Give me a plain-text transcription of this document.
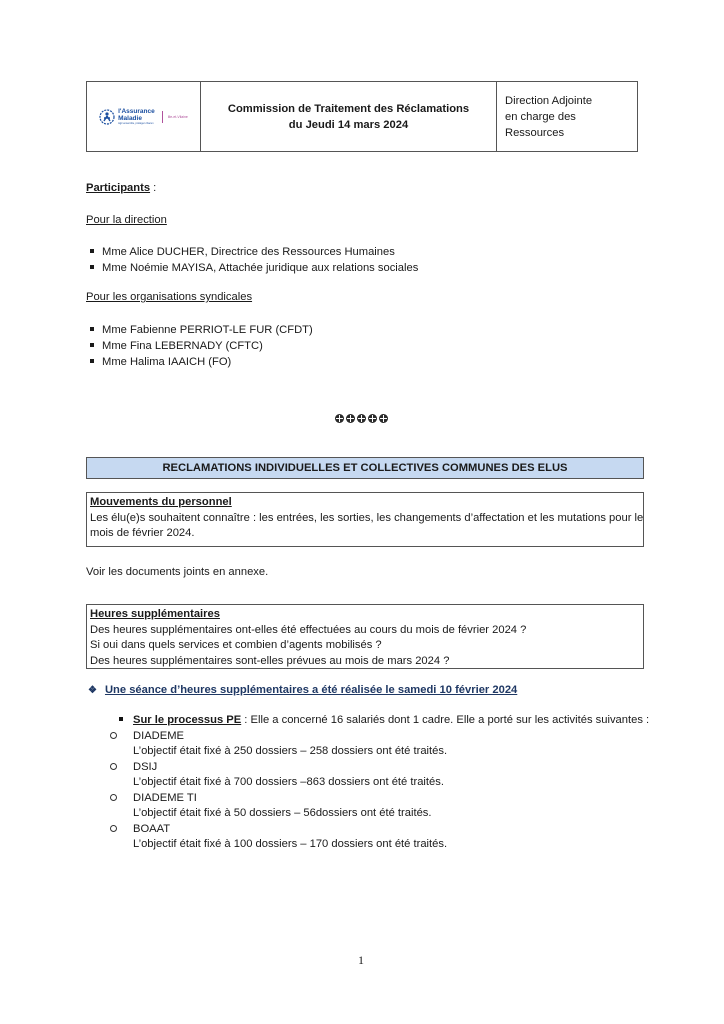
l'Assurance
Maladie
Agir ensemble, protéger chacun
Ille-et-Vilaine
Commission de Traitement des Réclamations
du Jeudi 14 mars 2024
Direction Adjointe
en charge des Ressources
Participants :
Pour la direction
Mme Alice DUCHER, Directrice des Ressources Humaines
Mme Noémie MAYISA, Attachée juridique aux relations sociales
Pour les organisations syndicales
Mme Fabienne PERRIOT-LE FUR (CFDT)
Mme Fina LEBERNADY (CFTC)
Mme Halima IAAICH (FO)
RECLAMATIONS INDIVIDUELLES ET COLLECTIVES COMMUNES DES ELUS
Mouvements du personnel
Les élu(e)s souhaitent connaître : les entrées, les sorties, les changements d’affectation et les mutations pour le
mois de février 2024.
Voir les documents joints en annexe.
Heures supplémentaires
Des heures supplémentaires ont-elles été effectuées au cours du mois de février 2024 ?
Si oui dans quels services et combien d’agents mobilisés ?
Des heures supplémentaires sont-elles prévues au mois de mars 2024 ?
❖ Une séance d’heures supplémentaires a été réalisée le samedi 10 février 2024
Sur le processus PE : Elle a concerné 16 salariés dont 1 cadre. Elle a porté sur les activités suivantes :
DIADEME
L’objectif était fixé à 250 dossiers – 258 dossiers ont été traités.
DSIJ
L’objectif était fixé à 700 dossiers –863 dossiers ont été traités.
DIADEME TI
L’objectif était fixé à 50 dossiers – 56dossiers ont été traités.
BOAAT
L’objectif était fixé à 100 dossiers – 170 dossiers ont été traités.
1
